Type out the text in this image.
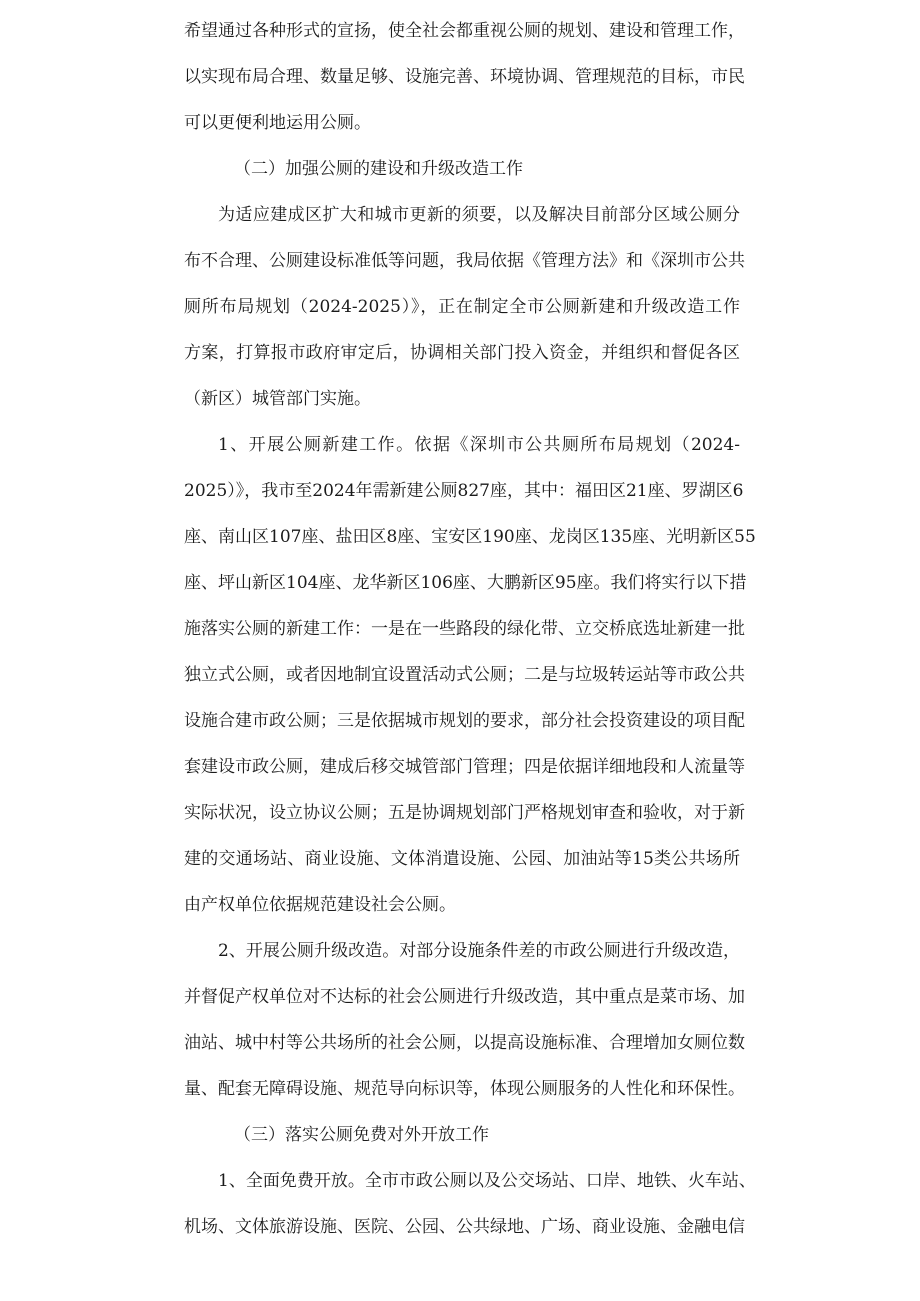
希望通过各种形式的宣扬，使全社会都重视公厕的规划、建设和管理工作，
以实现布局合理、数量足够、设施完善、环境协调、管理规范的目标，市民
可以更便利地运用公厕。
（二）加强公厕的建设和升级改造工作
为适应建成区扩大和城市更新的须要，以及解决目前部分区域公厕分
布不合理、公厕建设标准低等问题，我局依据《管理方法》和《深圳市公共
厕所布局规划（2024-2025）》，正在制定全市公厕新建和升级改造工作
方案，打算报市政府审定后，协调相关部门投入资金，并组织和督促各区
（新区）城管部门实施。
1、开展公厕新建工作。依据《深圳市公共厕所布局规划（2024-
2025）》，我市至2024年需新建公厕827座，其中：福田区21座、罗湖区6
座、南山区107座、盐田区8座、宝安区190座、龙岗区135座、光明新区55
座、坪山新区104座、龙华新区106座、大鹏新区95座。我们将实行以下措
施落实公厕的新建工作：一是在一些路段的绿化带、立交桥底选址新建一批
独立式公厕，或者因地制宜设置活动式公厕；二是与垃圾转运站等市政公共
设施合建市政公厕；三是依据城市规划的要求，部分社会投资建设的项目配
套建设市政公厕，建成后移交城管部门管理；四是依据详细地段和人流量等
实际状况，设立协议公厕；五是协调规划部门严格规划审查和验收，对于新
建的交通场站、商业设施、文体消遣设施、公园、加油站等15类公共场所
由产权单位依据规范建设社会公厕。
2、开展公厕升级改造。对部分设施条件差的市政公厕进行升级改造，
并督促产权单位对不达标的社会公厕进行升级改造，其中重点是菜市场、加
油站、城中村等公共场所的社会公厕，以提高设施标准、合理增加女厕位数
量、配套无障碍设施、规范导向标识等，体现公厕服务的人性化和环保性。
（三）落实公厕免费对外开放工作
1、全面免费开放。全市市政公厕以及公交场站、口岸、地铁、火车站、
机场、文体旅游设施、医院、公园、公共绿地、广场、商业设施、金融电信
